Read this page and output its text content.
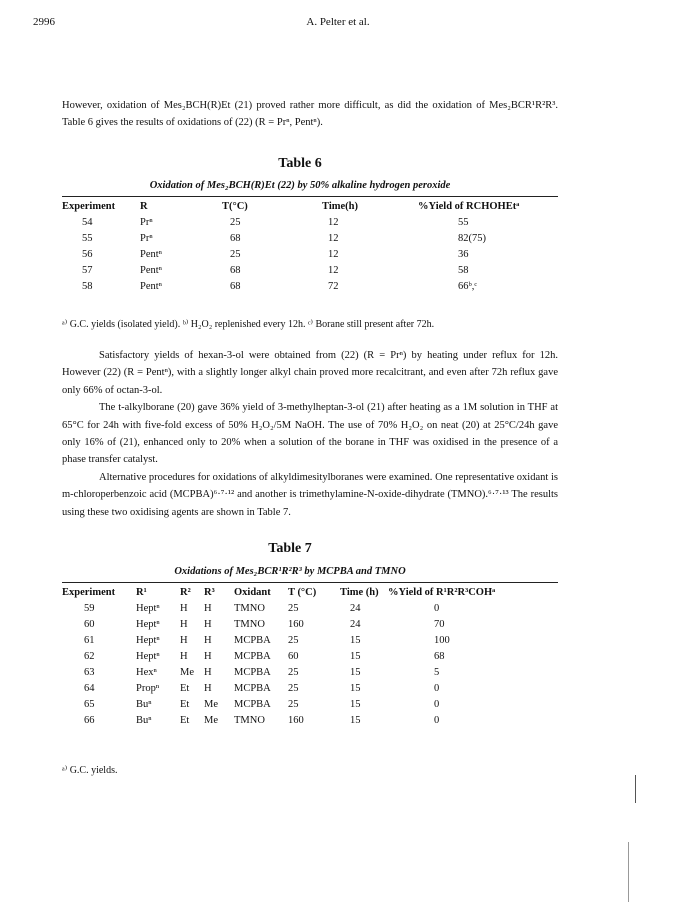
2996	A. Pelter et al.

However, oxidation of Mes₂BCH(R)Et (21) proved rather more difficult, as did the oxidation of Mes₂BCR¹R²R³. Table 6 gives the results of oxidations of (22) (R = Prⁿ, Pentⁿ).

Table 6
Oxidation of Mes₂BCH(R)Et (22) by 50% alkaline hydrogen peroxide
Experiment	R	T(°C)	Time(h)	%Yield of RCHOHEtᵃ
54	Prⁿ	25	12	55
55	Prⁿ	68	12	82(75)
56	Pentⁿ	25	12	36
57	Pentⁿ	68	12	58
58	Pentⁿ	68	72	66ᵇ,ᶜ
ᵃ⁾ G.C. yields (isolated yield). ᵇ⁾ H₂O₂ replenished every 12h. ᶜ⁾ Borane still present after 72h.

Satisfactory yields of hexan-3-ol were obtained from (22) (R = Prⁿ) by heating under reflux for 12h. However (22) (R = Pentⁿ), with a slightly longer alkyl chain proved more recalcitrant, and even after 72h reflux gave only 66% of octan-3-ol.

The t-alkylborane (20) gave 36% yield of 3-methylheptan-3-ol (21) after heating as a 1M solution in THF at 65°C for 24h with five-fold excess of 50% H₂O₂/5M NaOH. The use of 70% H₂O₂ on neat (20) at 25°C/24h gave only 16% of (21), enhanced only to 20% when a solution of the borane in THF was oxidised in the presence of a phase transfer catalyst.

Alternative procedures for oxidations of alkyldimesitylboranes were examined. One representative oxidant is m-chloroperbenzoic acid (MCPBA)⁶·⁷·¹² and another is trimethylamine-N-oxide-dihydrate (TMNO).⁶·⁷·¹³ The results using these two oxidising agents are shown in Table 7.

Table 7
Oxidations of Mes₂BCR¹R²R³ by MCPBA and TMNO
Experiment	R¹	R²	R³	Oxidant	T (°C)	Time (h)	%Yield of R¹R²R³COHᵃ
59	Heptⁿ	H	H	TMNO	25	24	0
60	Heptⁿ	H	H	TMNO	160	24	70
61	Heptⁿ	H	H	MCPBA	25	15	100
62	Heptⁿ	H	H	MCPBA	60	15	68
63	Hexⁿ	Me	H	MCPBA	25	15	5
64	Propⁿ	Et	H	MCPBA	25	15	0
65	Buⁿ	Et	Me	MCPBA	25	15	0
66	Buⁿ	Et	Me	TMNO	160	15	0
ᵃ⁾ G.C. yields.
